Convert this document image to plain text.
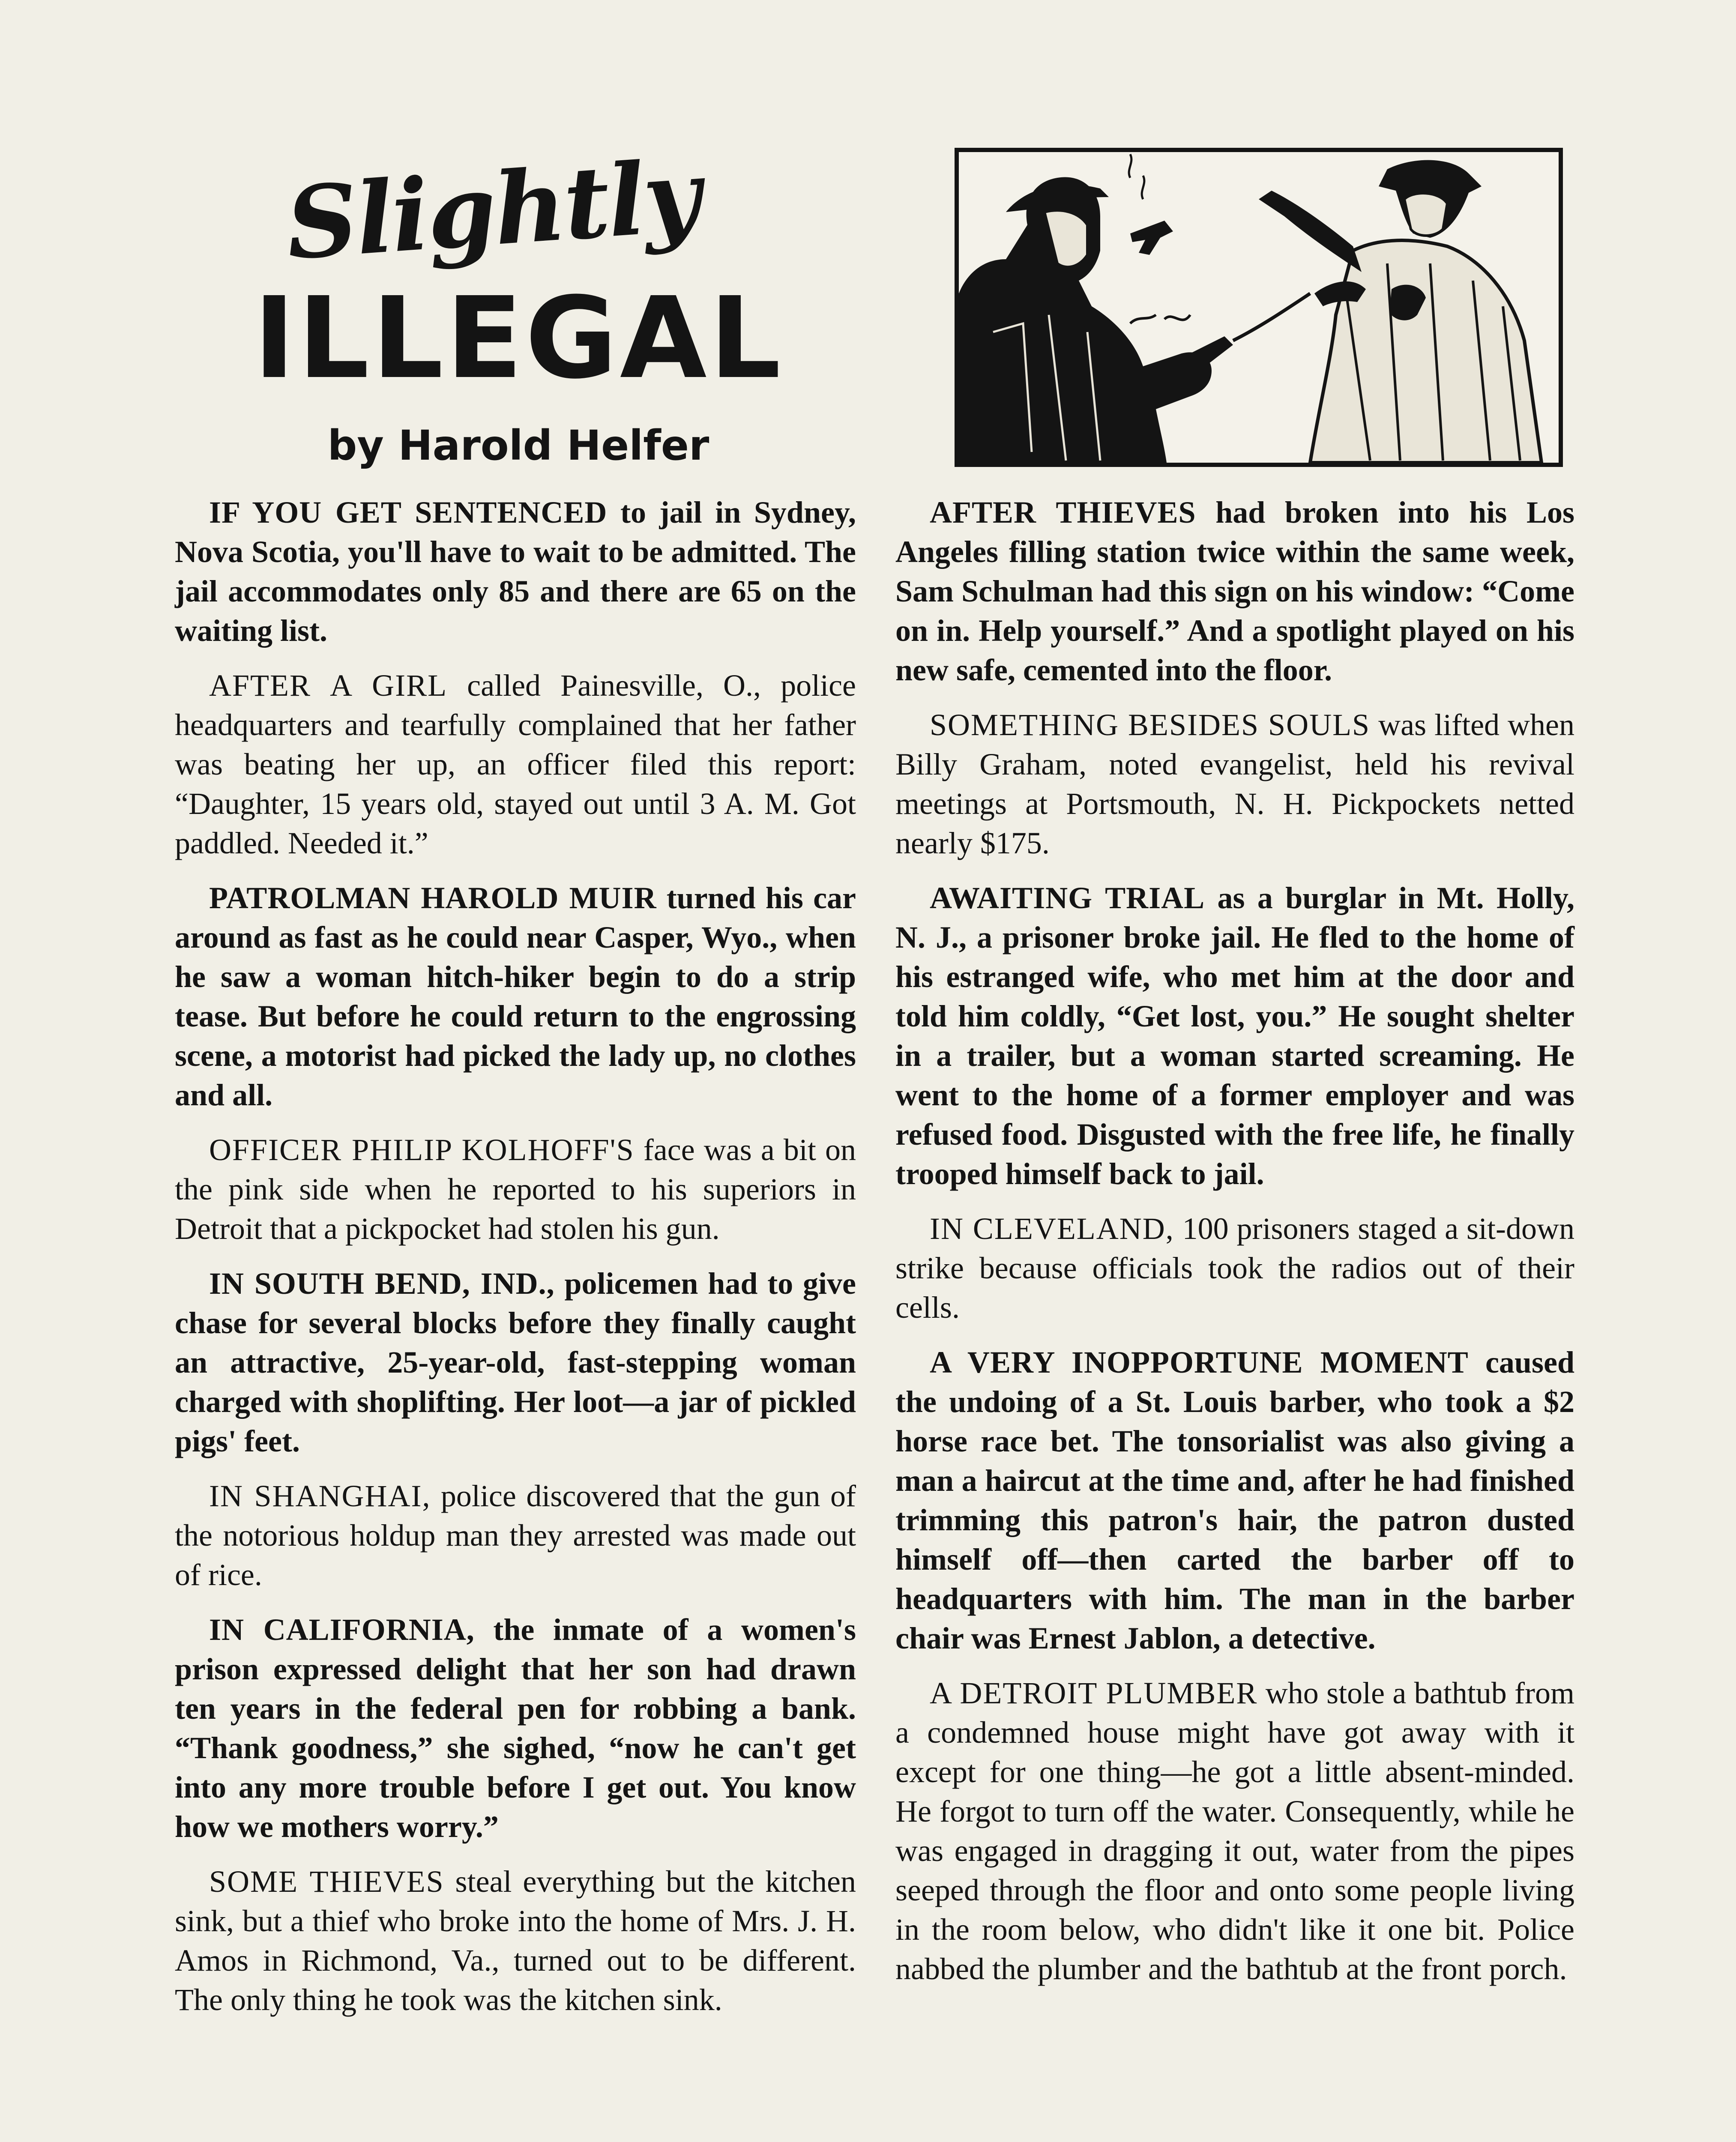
Slightly
ILLEGAL
by Harold Helfer

IF YOU GET SENTENCED to jail in Sydney, Nova Scotia, you'll have to wait to be admitted. The jail accommodates only 85 and there are 65 on the waiting list.

AFTER A GIRL called Painesville, O., police headquarters and tearfully complained that her father was beating her up, an officer filed this report: “Daughter, 15 years old, stayed out until 3 A. M. Got paddled. Needed it.”

PATROLMAN HAROLD MUIR turned his car around as fast as he could near Casper, Wyo., when he saw a woman hitch-hiker begin to do a strip tease. But before he could return to the engrossing scene, a motorist had picked the lady up, no clothes and all.

OFFICER PHILIP KOLHOFF'S face was a bit on the pink side when he reported to his superiors in Detroit that a pickpocket had stolen his gun.

IN SOUTH BEND, IND., policemen had to give chase for several blocks before they finally caught an attractive, 25-year-old, fast-stepping woman charged with shoplifting. Her loot—a jar of pickled pigs' feet.

IN SHANGHAI, police discovered that the gun of the notorious holdup man they arrested was made out of rice.

IN CALIFORNIA, the inmate of a women's prison expressed delight that her son had drawn ten years in the federal pen for robbing a bank. “Thank goodness,” she sighed, “now he can't get into any more trouble before I get out. You know how we mothers worry.”

SOME THIEVES steal everything but the kitchen sink, but a thief who broke into the home of Mrs. J. H. Amos in Richmond, Va., turned out to be different. The only thing he took was the kitchen sink.

AFTER THIEVES had broken into his Los Angeles filling station twice within the same week, Sam Schulman had this sign on his window: “Come on in. Help yourself.” And a spotlight played on his new safe, cemented into the floor.

SOMETHING BESIDES SOULS was lifted when Billy Graham, noted evangelist, held his revival meetings at Portsmouth, N. H. Pickpockets netted nearly $175.

AWAITING TRIAL as a burglar in Mt. Holly, N. J., a prisoner broke jail. He fled to the home of his estranged wife, who met him at the door and told him coldly, “Get lost, you.” He sought shelter in a trailer, but a woman started screaming. He went to the home of a former employer and was refused food. Disgusted with the free life, he finally trooped himself back to jail.

IN CLEVELAND, 100 prisoners staged a sit-down strike because officials took the radios out of their cells.

A VERY INOPPORTUNE MOMENT caused the undoing of a St. Louis barber, who took a $2 horse race bet. The tonsorialist was also giving a man a haircut at the time and, after he had finished trimming this patron's hair, the patron dusted himself off—then carted the barber off to headquarters with him. The man in the barber chair was Ernest Jablon, a detective.

A DETROIT PLUMBER who stole a bathtub from a condemned house might have got away with it except for one thing—he got a little absent-minded. He forgot to turn off the water. Consequently, while he was engaged in dragging it out, water from the pipes seeped through the floor and onto some people living in the room below, who didn't like it one bit. Police nabbed the plumber and the bathtub at the front porch.
